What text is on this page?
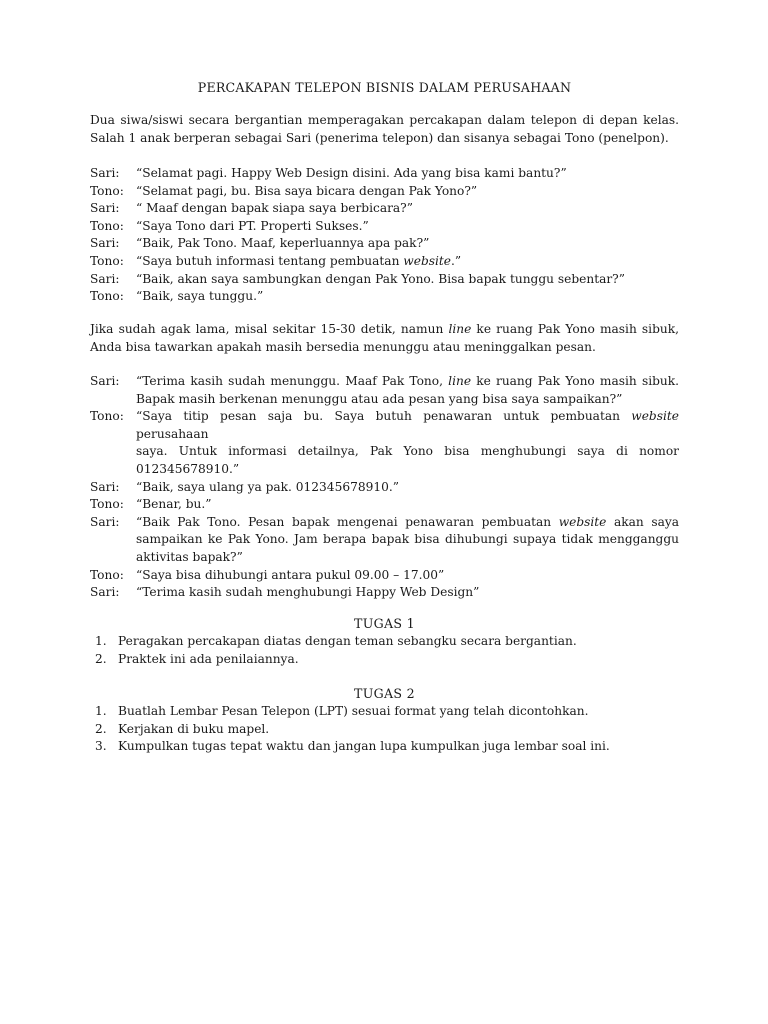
PERCAKAPAN TELEPON BISNIS DALAM PERUSAHAAN
Dua siwa/siswi secara bergantian memperagakan percakapan dalam telepon di depan kelas.
Salah 1 anak berperan sebagai Sari (penerima telepon) dan sisanya sebagai Tono (penelpon).
Sari:	“Selamat pagi. Happy Web Design disini. Ada yang bisa kami bantu?”
Tono: “Selamat pagi, bu. Bisa saya bicara dengan Pak Yono?”
Sari:	“ Maaf dengan bapak siapa saya berbicara?”
Tono: “Saya Tono dari PT. Properti Sukses.”
Sari:	“Baik, Pak Tono. Maaf, keperluannya apa pak?”
Tono: “Saya butuh informasi tentang pembuatan website.”
Sari:	“Baik, akan saya sambungkan dengan Pak Yono. Bisa bapak tunggu sebentar?”
Tono: “Baik, saya tunggu.”
Jika sudah agak lama, misal sekitar 15-30 detik, namun line ke ruang Pak Yono masih sibuk,
Anda bisa tawarkan apakah masih bersedia menunggu atau meninggalkan pesan.
Sari:	“Terima kasih sudah menunggu. Maaf Pak Tono, line ke ruang Pak Yono masih sibuk.
Bapak masih berkenan menunggu atau ada pesan yang bisa saya sampaikan?”
Tono: “Saya titip pesan saja bu. Saya butuh penawaran untuk pembuatan website perusahaan
saya. Untuk informasi detailnya, Pak Yono bisa menghubungi saya di nomor
012345678910.”
Sari:	“Baik, saya ulang ya pak. 012345678910.”
Tono: “Benar, bu.”
Sari:	“Baik Pak Tono. Pesan bapak mengenai penawaran pembuatan website akan saya
sampaikan ke Pak Yono. Jam berapa bapak bisa dihubungi supaya tidak mengganggu
aktivitas bapak?”
Tono: “Saya bisa dihubungi antara pukul 09.00 – 17.00”
Sari:	“Terima kasih sudah menghubungi Happy Web Design”
TUGAS 1
1. Peragakan percakapan diatas dengan teman sebangku secara bergantian.
2. Praktek ini ada penilaiannya.
TUGAS 2
1. Buatlah Lembar Pesan Telepon (LPT) sesuai format yang telah dicontohkan.
2. Kerjakan di buku mapel.
3. Kumpulkan tugas tepat waktu dan jangan lupa kumpulkan juga lembar soal ini.
